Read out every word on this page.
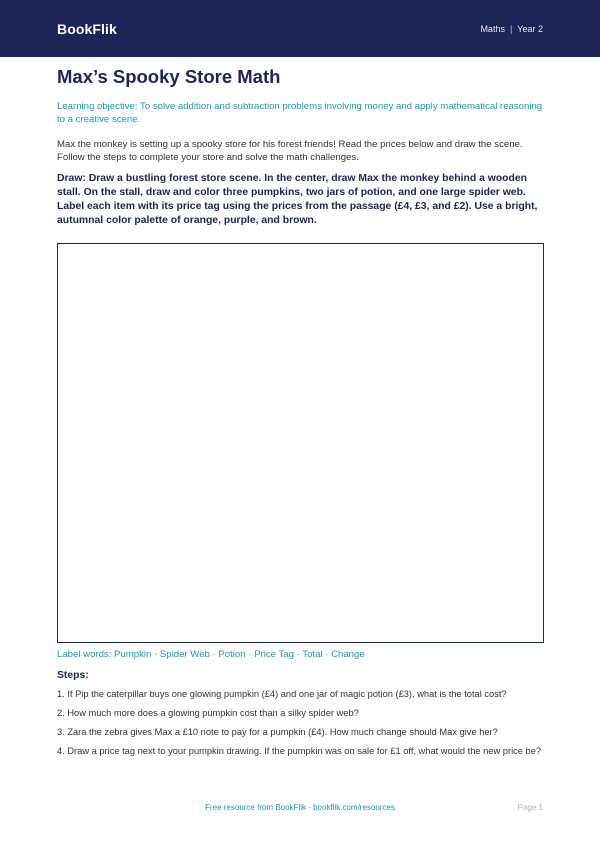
BookFlik	Maths | Year 2
Max’s Spooky Store Math

Learning objective: To solve addition and subtraction problems involving money and apply mathematical reasoning to a creative scene.

Max the monkey is setting up a spooky store for his forest friends! Read the prices below and draw the scene. Follow the steps to complete your store and solve the math challenges.

Draw: Draw a bustling forest store scene. In the center, draw Max the monkey behind a wooden stall. On the stall, draw and color three pumpkins, two jars of potion, and one large spider web. Label each item with its price tag using the prices from the passage (£4, £3, and £2). Use a bright, autumnal color palette of orange, purple, and brown.

Label words: Pumpkin · Spider Web · Potion · Price Tag · Total · Change

Steps:

1. If Pip the caterpillar buys one glowing pumpkin (£4) and one jar of magic potion (£3), what is the total cost?
2. How much more does a glowing pumpkin cost than a silky spider web?
3. Zara the zebra gives Max a £10 note to pay for a pumpkin (£4). How much change should Max give her?
4. Draw a price tag next to your pumpkin drawing. If the pumpkin was on sale for £1 off, what would the new price be?

Free resource from BookFlik · bookflik.com/resources	Page 1
